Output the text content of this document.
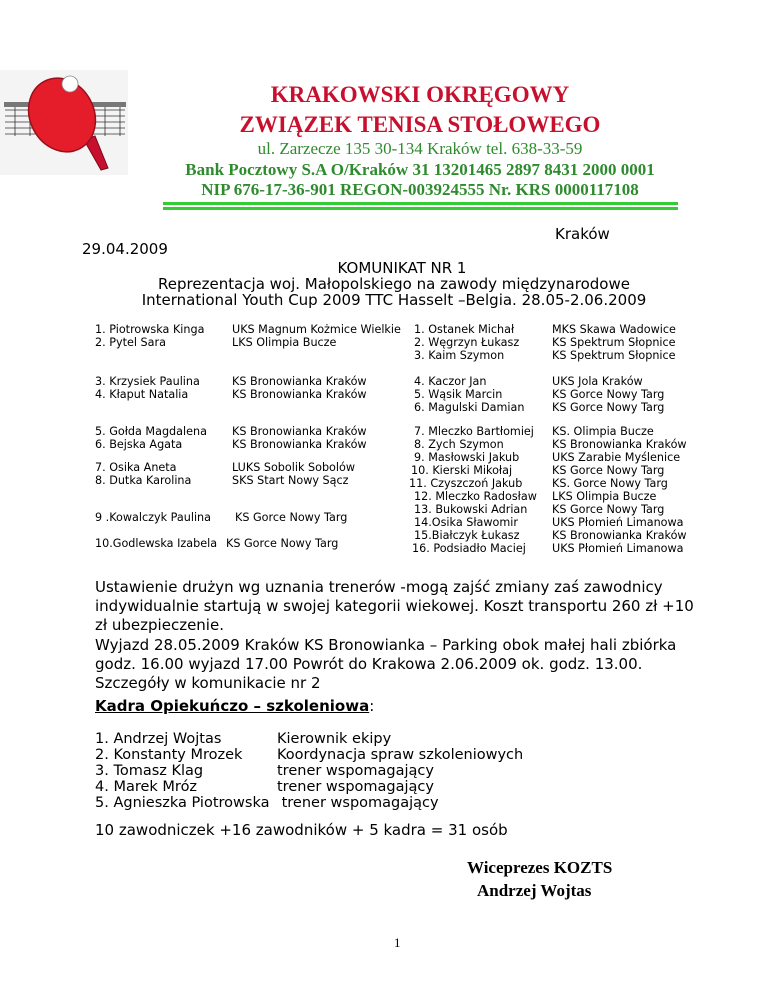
KRAKOWSKI OKRĘGOWY
ZWIĄZEK TENISA STOŁOWEGO
ul. Zarzecze 135 30-134 Kraków tel. 638-33-59
Bank Pocztowy S.A O/Kraków 31 13201465 2897 8431 2000 0001
NIP 676-17-36-901 REGON-003924555 Nr. KRS 0000117108
Kraków
29.04.2009
KOMUNIKAT NR 1
Reprezentacja woj. Małopolskiego na zawody międzynarodowe
International Youth Cup 2009 TTC Hasselt –Belgia. 28.05-2.06.2009
1. Piotrowska Kinga UKS Magnum Kożmice Wielkie
2. Pytel Sara	LKS Olimpia Bucze
3. Krzysiek Paulina	KS Bronowianka Kraków
4. Kłaput Natalia	KS Bronowianka Kraków
5. Gołda Magdalena KS Bronowianka Kraków
6. Bejska Agata	KS Bronowianka Kraków
7. Osika Aneta	LUKS Sobolik Sobolów
8. Dutka Karolina	SKS Start Nowy Sącz
9 .Kowalczyk Paulina KS Gorce Nowy Targ
10.Godlewska Izabela KS Gorce Nowy Targ
1. Ostanek Michał	MKS Skawa Wadowice
2. Węgrzyn Łukasz	KS Spektrum Słopnice
3. Kaim Szymon	KS Spektrum Słopnice
4. Kaczor Jan	UKS Jola Kraków
5. Wąsik Marcin	KS Gorce Nowy Targ
6. Magulski Damian KS Gorce Nowy Targ
7. Mleczko Bartłomiej KS. Olimpia Bucze
8. Zych Szymon	KS Bronowianka Kraków
9. Masłowski Jakub	UKS Zarabie Myślenice
10. Kierski Mikołaj	KS Gorce Nowy Targ
11. Czyszczoń Jakub	KS. Gorce Nowy Targ
12. Mleczko Radosław LKS Olimpia Bucze
13. Bukowski Adrian KS Gorce Nowy Targ
14.Osika Sławomir	UKS Płomień Limanowa
15.Białczyk Łukasz	KS Bronowianka Kraków
16. Podsiadło Maciej UKS Płomień Limanowa
Ustawienie drużyn wg uznania trenerów -mogą zajść zmiany zaś zawodnicy indywidualnie startują w swojej kategorii wiekowej. Koszt transportu 260 zł +10 zł ubezpieczenie.
Wyjazd 28.05.2009 Kraków KS Bronowianka – Parking obok małej hali zbiórka godz. 16.00 wyjazd 17.00 Powrót do Krakowa 2.06.2009 ok. godz. 13.00. Szczegóły w komunikacie nr 2
Kadra Opiekuńczo – szkoleniowa:
1. Andrzej Wojtas	Kierownik ekipy
2. Konstanty Mrozek	Koordynacja spraw szkoleniowych
3. Tomasz Klag	trener wspomagający
4. Marek Mróz	trener wspomagający
5. Agnieszka Piotrowska	trener wspomagający
10 zawodniczek +16 zawodników + 5 kadra = 31 osób
Wiceprezes KOZTS
Andrzej Wojtas
1
